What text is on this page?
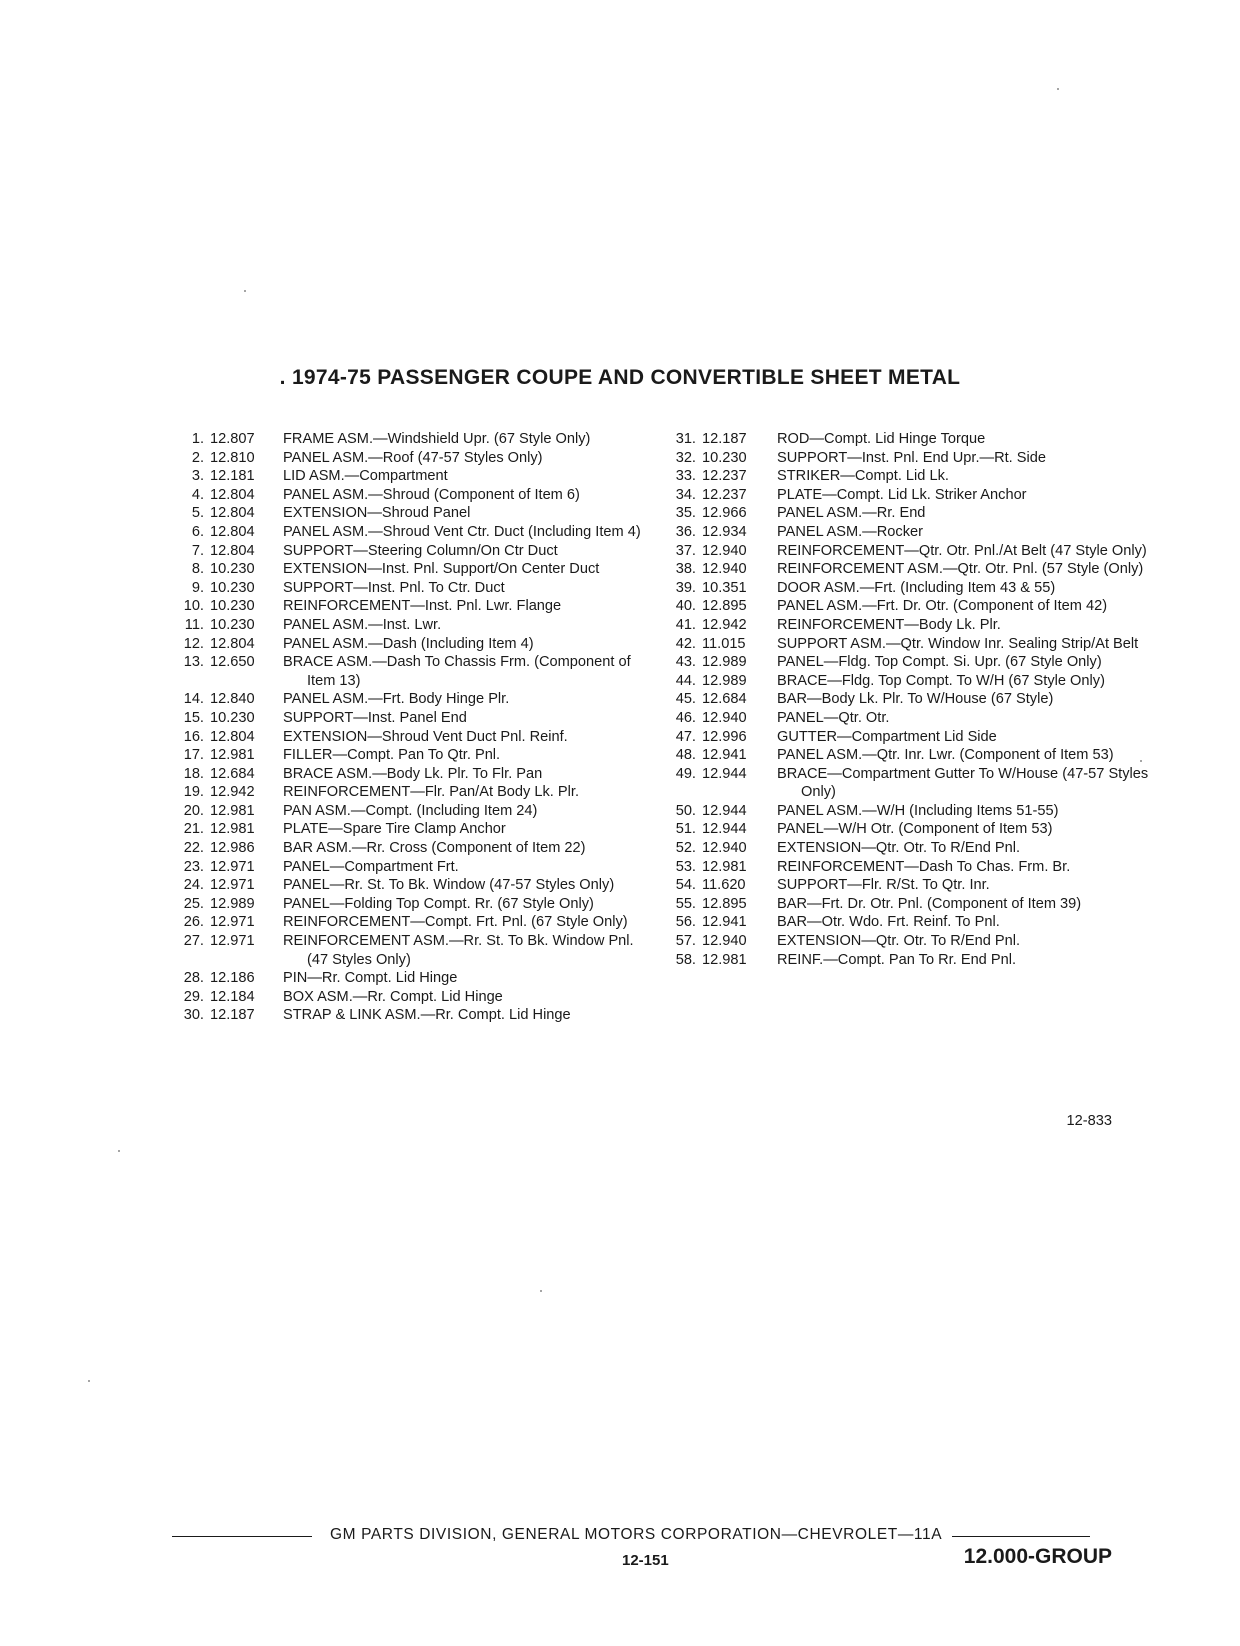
. 1974-75 PASSENGER COUPE AND CONVERTIBLE SHEET METAL
1. 12.807	FRAME ASM.—Windshield Upr. (67 Style Only)
2. 12.810	PANEL ASM.—Roof (47-57 Styles Only)
3. 12.181	LID ASM.—Compartment
4. 12.804	PANEL ASM.—Shroud (Component of Item 6)
5. 12.804	EXTENSION—Shroud Panel
6. 12.804	PANEL ASM.—Shroud Vent Ctr. Duct (Including Item 4)
7. 12.804	SUPPORT—Steering Column/On Ctr Duct
8. 10.230	EXTENSION—Inst. Pnl. Support/On Center Duct
9. 10.230	SUPPORT—Inst. Pnl. To Ctr. Duct
10. 10.230	REINFORCEMENT—Inst. Pnl. Lwr. Flange
11. 10.230	PANEL ASM.—Inst. Lwr.
12. 12.804	PANEL ASM.—Dash (Including Item 4)
13. 12.650	BRACE ASM.—Dash To Chassis Frm. (Component of Item 13)
14. 12.840	PANEL ASM.—Frt. Body Hinge Plr.
15. 10.230	SUPPORT—Inst. Panel End
16. 12.804	EXTENSION—Shroud Vent Duct Pnl. Reinf.
17. 12.981	FILLER—Compt. Pan To Qtr. Pnl.
18. 12.684	BRACE ASM.—Body Lk. Plr. To Flr. Pan
19. 12.942	REINFORCEMENT—Flr. Pan/At Body Lk. Plr.
20. 12.981	PAN ASM.—Compt. (Including Item 24)
21. 12.981	PLATE—Spare Tire Clamp Anchor
22. 12.986	BAR ASM.—Rr. Cross (Component of Item 22)
23. 12.971	PANEL—Compartment Frt.
24. 12.971	PANEL—Rr. St. To Bk. Window (47-57 Styles Only)
25. 12.989	PANEL—Folding Top Compt. Rr. (67 Style Only)
26. 12.971	REINFORCEMENT—Compt. Frt. Pnl. (67 Style Only)
27. 12.971	REINFORCEMENT ASM.—Rr. St. To Bk. Window Pnl. (47 Styles Only)
28. 12.186	PIN—Rr. Compt. Lid Hinge
29. 12.184	BOX ASM.—Rr. Compt. Lid Hinge
30. 12.187	STRAP & LINK ASM.—Rr. Compt. Lid Hinge
31. 12.187	ROD—Compt. Lid Hinge Torque
32. 10.230	SUPPORT—Inst. Pnl. End Upr.—Rt. Side
33. 12.237	STRIKER—Compt. Lid Lk.
34. 12.237	PLATE—Compt. Lid Lk. Striker Anchor
35. 12.966	PANEL ASM.—Rr. End
36. 12.934	PANEL ASM.—Rocker
37. 12.940	REINFORCEMENT—Qtr. Otr. Pnl./At Belt (47 Style Only)
38. 12.940	REINFORCEMENT ASM.—Qtr. Otr. Pnl. (57 Style (Only)
39. 10.351	DOOR ASM.—Frt. (Including Item 43 & 55)
40. 12.895	PANEL ASM.—Frt. Dr. Otr. (Component of Item 42)
41. 12.942	REINFORCEMENT—Body Lk. Plr.
42. 11.015	SUPPORT ASM.—Qtr. Window Inr. Sealing Strip/At Belt
43. 12.989	PANEL—Fldg. Top Compt. Si. Upr. (67 Style Only)
44. 12.989	BRACE—Fldg. Top Compt. To W/H (67 Style Only)
45. 12.684	BAR—Body Lk. Plr. To W/House (67 Style)
46. 12.940	PANEL—Qtr. Otr.
47. 12.996	GUTTER—Compartment Lid Side
48. 12.941	PANEL ASM.—Qtr. Inr. Lwr. (Component of Item 53)
49. 12.944	BRACE—Compartment Gutter To W/House (47-57 Styles Only)
50. 12.944	PANEL ASM.—W/H (Including Items 51-55)
51. 12.944	PANEL—W/H Otr. (Component of Item 53)
52. 12.940	EXTENSION—Qtr. Otr. To R/End Pnl.
53. 12.981	REINFORCEMENT—Dash To Chas. Frm. Br.
54. 11.620	SUPPORT—Flr. R/St. To Qtr. Inr.
55. 12.895	BAR—Frt. Dr. Otr. Pnl. (Component of Item 39)
56. 12.941	BAR—Otr. Wdo. Frt. Reinf. To Pnl.
57. 12.940	EXTENSION—Qtr. Otr. To R/End Pnl.
58. 12.981	REINF.—Compt. Pan To Rr. End Pnl.
12-833
GM PARTS DIVISION, GENERAL MOTORS CORPORATION—CHEVROLET—11A
12-151	12.000-GROUP
